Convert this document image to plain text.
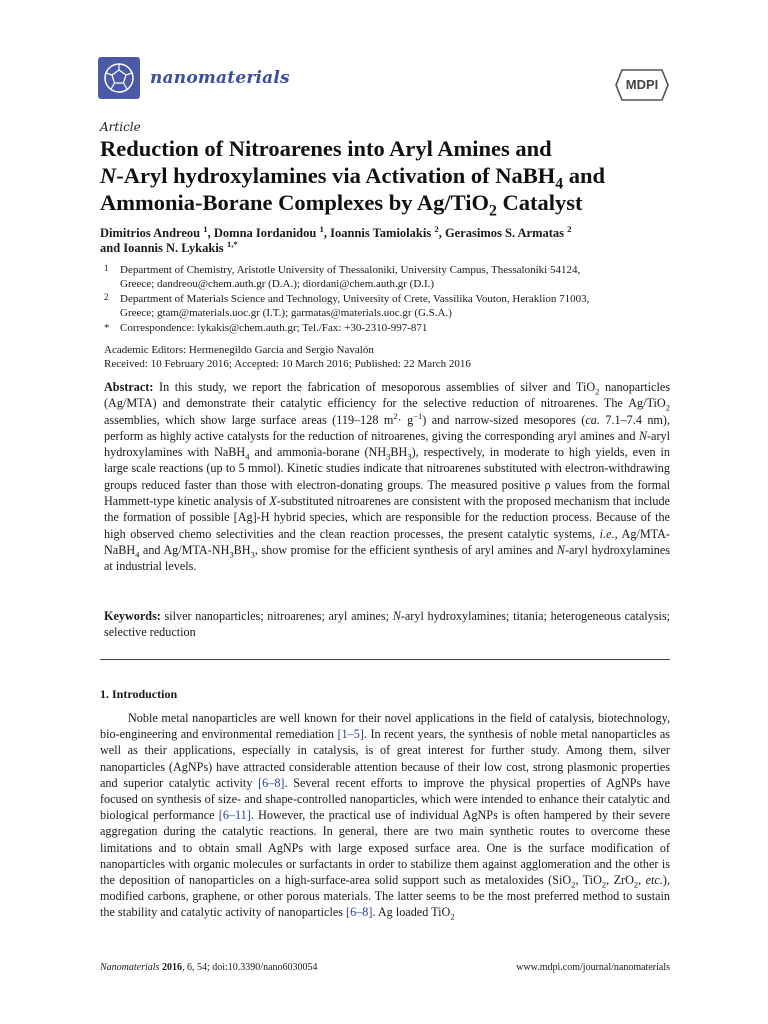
nanomaterials	MDPI
Article
Reduction of Nitroarenes into Aryl Amines and
N-Aryl hydroxylamines via Activation of NaBH$_4$ and
Ammonia-Borane Complexes by Ag/TiO$_2$ Catalyst
Dimitrios Andreou $^1$, Domna Iordanidou $^1$, Ioannis Tamiolakis $^2$, Gerasimos S. Armatas $^2$
and Ioannis N. Lykakis $^{1,*}$
1	Department of Chemistry, Aristotle University of Thessaloniki, University Campus, Thessaloniki 54124,
Greece; dandreou@chem.auth.gr (D.A.); diordani@chem.auth.gr (D.I.)
2	Department of Materials Science and Technology, University of Crete, Vassilika Vouton, Heraklion 71003,
Greece; gtam@materials.uoc.gr (I.T.); garmatas@materials.uoc.gr (G.S.A.)
* Correspondence: lykakis@chem.auth.gr; Tel./Fax: +30-2310-997-871
Academic Editors: Hermenegildo García and Sergio Navalón
Received: 10 February 2016; Accepted: 10 March 2016; Published: 22 March 2016
Abstract: In this study, we report the fabrication of mesoporous assemblies of silver and TiO$_2$ nanoparticles (Ag/MTA) and demonstrate their catalytic efficiency for the selective reduction of nitroarenes. The Ag/TiO$_2$ assemblies, which show large surface areas (119–128 $m^2\cdot g^{-1}$) and narrow-sized mesopores (ca. 7.1–7.4 nm), perform as highly active catalysts for the reduction of nitroarenes, giving the corresponding aryl amines and N-aryl hydroxylamines with NaBH$_4$ and ammonia-borane $(NH_3BH_3)$, respectively, in moderate to high yields, even in large scale reactions (up to 5 mmol). Kinetic studies indicate that nitroarenes substituted with electron-withdrawing groups reduced faster than those with electron-donating groups. The measured positive ρ values from the formal Hammett-type kinetic analysis of X-substituted nitroarenes are consistent with the proposed mechanism that include the formation of possible [Ag]-H hybrid species, which are responsible for the reduction process. Because of the high observed chemo selectivities and the clean reaction processes, the present catalytic systems, i.e., Ag/MTA-NaBH$_4$ and $Ag/MTA-NH_3BH_3$, show promise for the efficient synthesis of aryl amines and N-aryl hydroxylamines at industrial levels.
Keywords: silver nanoparticles; nitroarenes; aryl amines; N-aryl hydroxylamines; titania; heterogeneous catalysis; selective reduction
1. Introduction
Noble metal nanoparticles are well known for their novel applications in the field of catalysis, biotechnology, bio-engineering and environmental remediation [1–5]. In recent years, the synthesis of noble metal nanoparticles as well as their applications, especially in catalysis, is of great interest for further study. Among them, silver nanoparticles (AgNPs) have attracted considerable attention because of their low cost, strong plasmonic properties and superior catalytic activity [6–8]. Several recent efforts to improve the physical properties of AgNPs have focused on synthesis of size- and shape-controlled nanoparticles, which were intended to enhance their catalytic and biological performance [6–11]. However, the practical use of individual AgNPs is often hampered by their severe aggregation during the catalytic reactions. In general, there are two main synthetic routes to overcome these limitations and to obtain small AgNPs with large exposed surface area. One is the surface modification of nanoparticles with organic molecules or surfactants in order to stabilize them against agglomeration and the other is the deposition of nanoparticles on a high-surface-area solid support such as metaloxides (SiO$_2$, TiO$_2$, ZrO$_2$, etc.), modified carbons, graphene, or other porous materials. The latter seems to be the most preferred method to sustain the stability and catalytic activity of nanoparticles [6–8]. Ag loaded TiO$_2$
Nanomaterials 2016, 6, 54; doi:10.3390/nano6030054	www.mdpi.com/journal/nanomaterials
